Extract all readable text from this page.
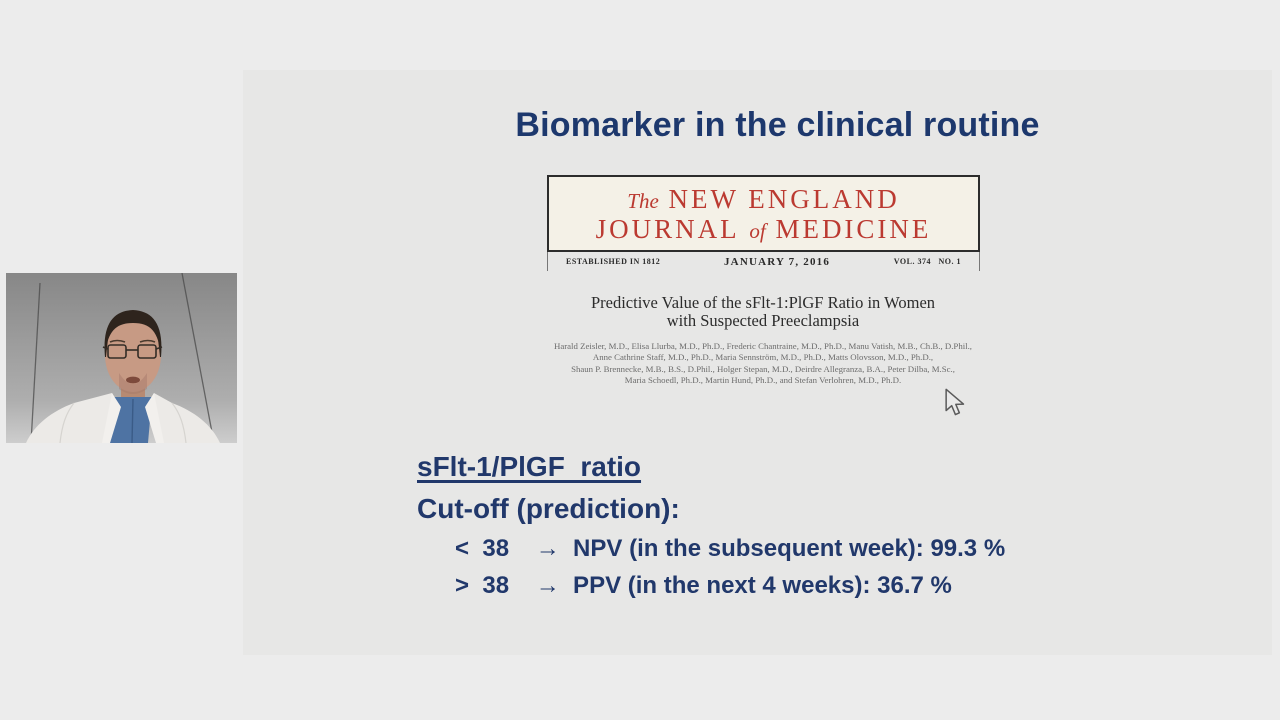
Biomarker in the clinical routine
The NEW ENGLAND
JOURNAL of MEDICINE
ESTABLISHED IN 1812	JANUARY 7, 2016	VOL. 374   NO. 1
Predictive Value of the sFlt-1:PlGF Ratio in Women
with Suspected Preeclampsia
Harald Zeisler, M.D., Elisa Llurba, M.D., Ph.D., Frederic Chantraine, M.D., Ph.D., Manu Vatish, M.B., Ch.B., D.Phil.,
Anne Cathrine Staff, M.D., Ph.D., Maria Sennström, M.D., Ph.D., Matts Olovsson, M.D., Ph.D.,
Shaun P. Brennecke, M.B., B.S., D.Phil., Holger Stepan, M.D., Deirdre Allegranza, B.A., Peter Dilba, M.Sc.,
Maria Schoedl, Ph.D., Martin Hund, Ph.D., and Stefan Verlohren, M.D., Ph.D.
sFlt-1/PlGF  ratio
Cut-off (prediction):
<  38    →  NPV (in the subsequent week): 99.3 %
>  38    →  PPV (in the next 4 weeks): 36.7 %
